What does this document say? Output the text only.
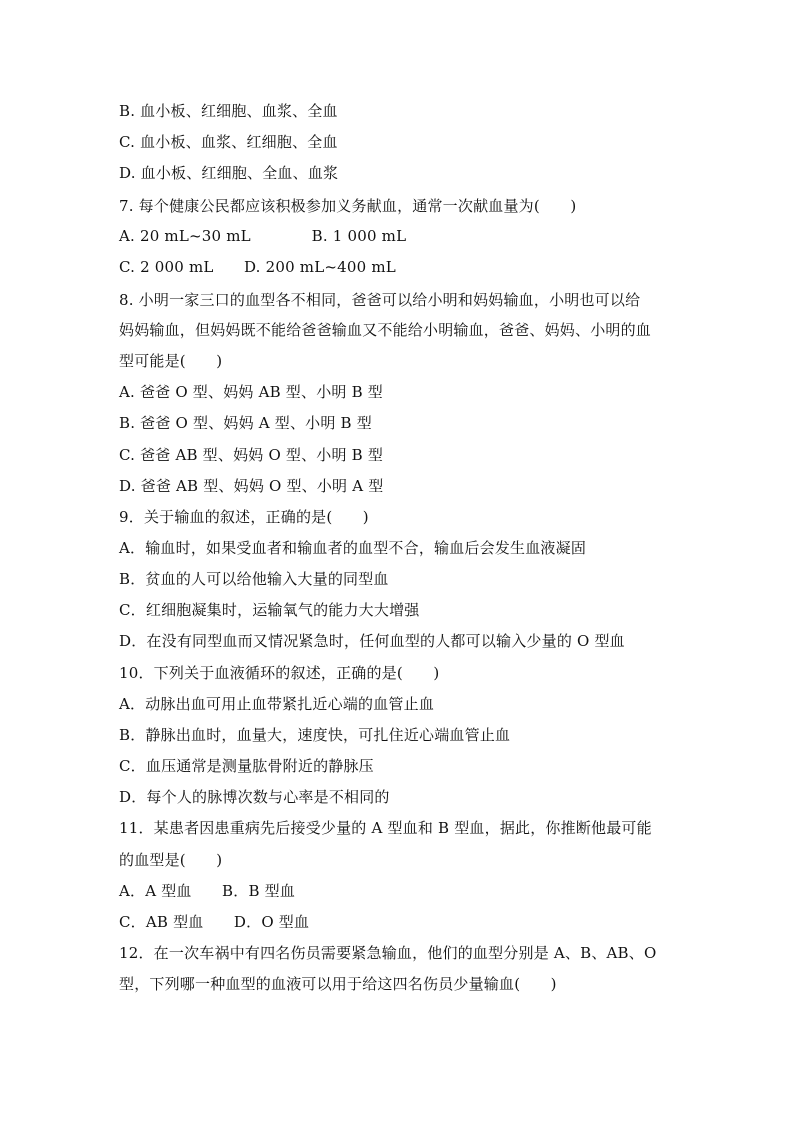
B. 血小板、红细胞、血浆、全血
C. 血小板、血浆、红细胞、全血
D. 血小板、红细胞、全血、血浆
7. 每个健康公民都应该积极参加义务献血，通常一次献血量为(　　)
A. 20 mL~30 mL　　　　B. 1 000 mL
C. 2 000 mL　　D. 200 mL~400 mL
8. 小明一家三口的血型各不相同，爸爸可以给小明和妈妈输血，小明也可以给
妈妈输血，但妈妈既不能给爸爸输血又不能给小明输血，爸爸、妈妈、小明的血
型可能是(　　)
A. 爸爸 O 型、妈妈 AB 型、小明 B 型
B. 爸爸 O 型、妈妈 A 型、小明 B 型
C. 爸爸 AB 型、妈妈 O 型、小明 B 型
D. 爸爸 AB 型、妈妈 O 型、小明 A 型
9．关于输血的叙述，正确的是(　　)
A．输血时，如果受血者和输血者的血型不合，输血后会发生血液凝固
B．贫血的人可以给他输入大量的同型血
C．红细胞凝集时，运输氧气的能力大大增强
D．在没有同型血而又情况紧急时，任何血型的人都可以输入少量的 O 型血
10．下列关于血液循环的叙述，正确的是(　　)
A．动脉出血可用止血带紧扎近心端的血管止血
B．静脉出血时，血量大，速度快，可扎住近心端血管止血
C．血压通常是测量肱骨附近的静脉压
D．每个人的脉博次数与心率是不相同的
11．某患者因患重病先后接受少量的 A 型血和 B 型血，据此，你推断他最可能
的血型是(　　)
A．A 型血　　B．B 型血
C．AB 型血　　D．O 型血
12．在一次车祸中有四名伤员需要紧急输血，他们的血型分别是 A、B、AB、O
型，下列哪一种血型的血液可以用于给这四名伤员少量输血(　　)
